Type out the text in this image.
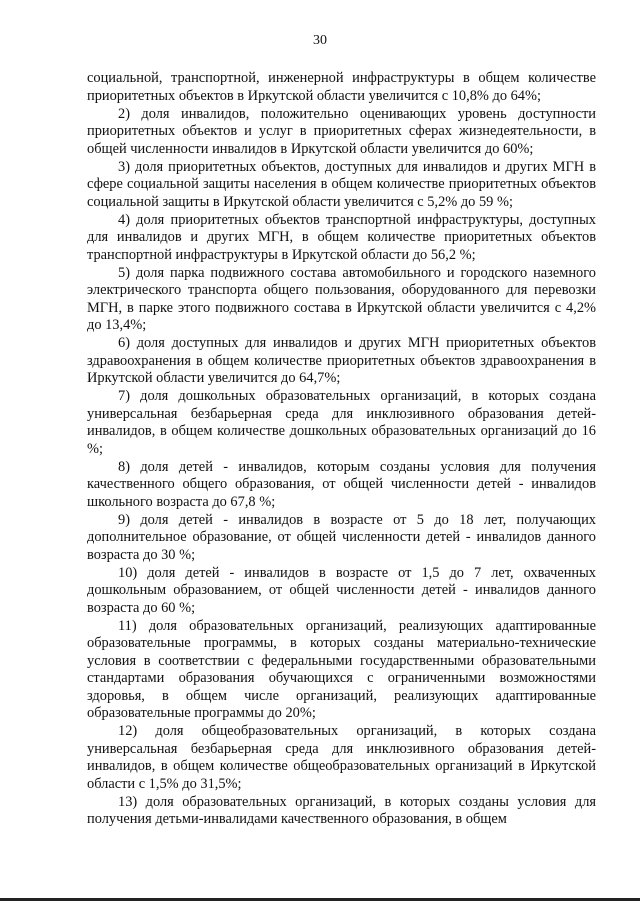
30

социальной, транспортной, инженерной инфраструктуры в общем количестве приоритетных объектов в Иркутской области увеличится с 10,8% до 64%;

2) доля инвалидов, положительно оценивающих уровень доступности приоритетных объектов и услуг в приоритетных сферах жизнедеятельности, в общей численности инвалидов в Иркутской области увеличится до 60%;

3) доля приоритетных объектов, доступных для инвалидов и других МГН в сфере социальной защиты населения в общем количестве приоритетных объектов социальной защиты в Иркутской области увеличится с 5,2% до 59 %;

4) доля приоритетных объектов транспортной инфраструктуры, доступных для инвалидов и других МГН, в общем количестве приоритетных объектов транспортной инфраструктуры в Иркутской области до 56,2 %;

5) доля парка подвижного состава автомобильного и городского наземного электрического транспорта общего пользования, оборудованного для перевозки МГН, в парке этого подвижного состава в Иркутской области увеличится с 4,2% до 13,4%;

6) доля доступных для инвалидов и других МГН приоритетных объектов здравоохранения в общем количестве приоритетных объектов здравоохранения в Иркутской области увеличится до 64,7%;

7) доля дошкольных образовательных организаций, в которых создана универсальная безбарьерная среда для инклюзивного образования детей-инвалидов, в общем количестве дошкольных образовательных организаций до 16 %;

8) доля детей - инвалидов, которым созданы условия для получения качественного общего образования, от общей численности детей - инвалидов школьного возраста до 67,8 %;

9) доля детей - инвалидов в возрасте от 5 до 18 лет, получающих дополнительное образование, от общей численности детей - инвалидов данного возраста до 30 %;

10) доля детей - инвалидов в возрасте от 1,5 до 7 лет, охваченных дошкольным образованием, от общей численности детей - инвалидов данного возраста до 60 %;

11) доля образовательных организаций, реализующих адаптированные образовательные программы, в которых созданы материально-технические условия в соответствии с федеральными государственными образовательными стандартами образования обучающихся с ограниченными возможностями здоровья, в общем числе организаций, реализующих адаптированные образовательные программы до 20%;

12) доля общеобразовательных организаций, в которых создана универсальная безбарьерная среда для инклюзивного образования детей-инвалидов, в общем количестве общеобразовательных организаций в Иркутской области с 1,5% до 31,5%;

13) доля образовательных организаций, в которых созданы условия для получения детьми-инвалидами качественного образования, в общем
